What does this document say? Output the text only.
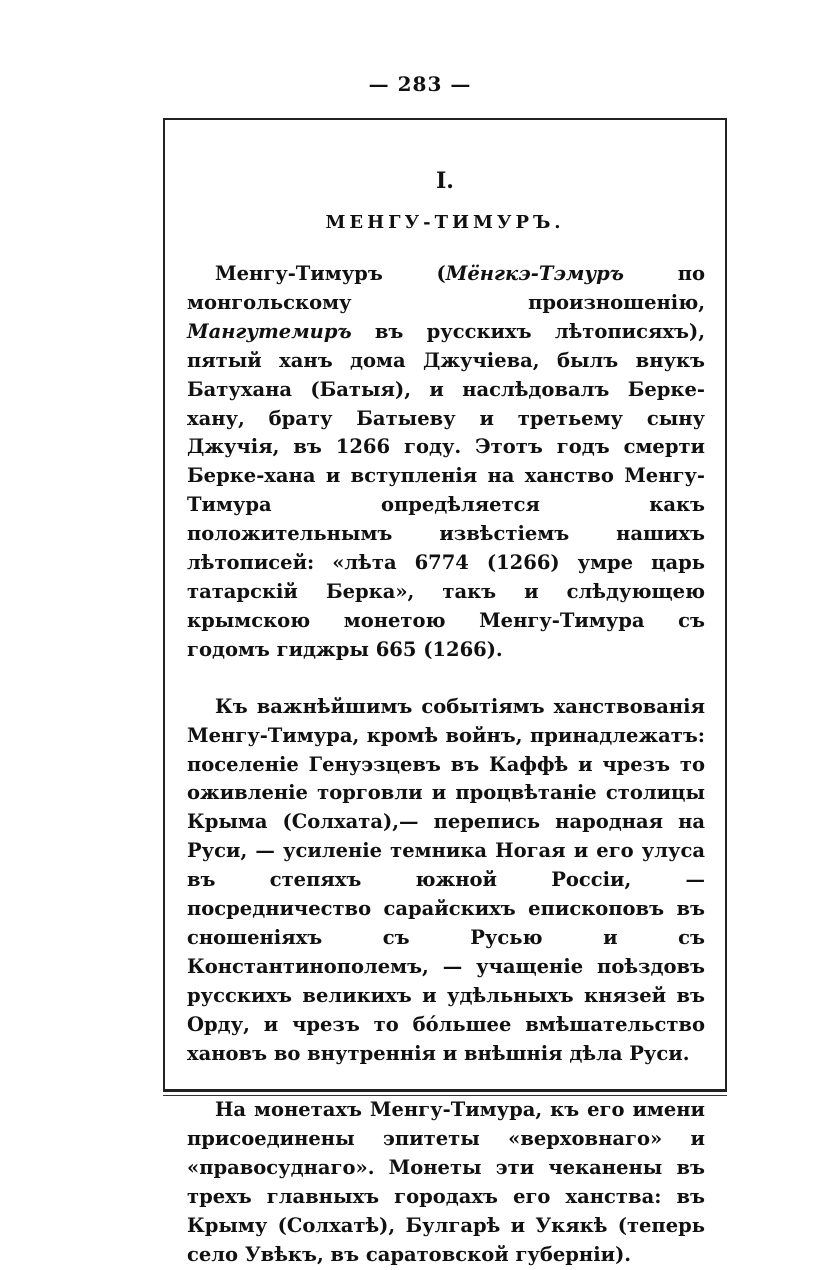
— 283 —
I.
МЕНГУ-ТИМУРЪ.

Менгу-Тимуръ (Мёнгкэ-Тэмуръ по монгольскому произношенію, Мангутемиръ въ русскихъ лѣтописяхъ), пятый ханъ дома Джучіева, былъ внукъ Батуханa (Батыя), и наслѣдовалъ Берке-хану, брату Батыеву и третьему сыну Джучія, въ 1266 году. Этотъ годъ смерти Берке-хана и вступленія на ханство Менгу-Тимура опредѣляется какъ положительнымъ извѣстіемъ нашихъ лѣтописей: «лѣта 6774 (1266) умре царь татарскій Берка», такъ и слѣдующею крымскою монетою Менгу-Тимура съ годомъ гиджры 665 (1266).

Къ важнѣйшимъ событіямъ ханствованія Менгу-Тимура, кромѣ войнъ, принадлежатъ: поселеніе Генуэзцевъ въ Каффѣ и чрезъ то оживленіе торговли и процвѣтаніе столицы Крыма (Солхата),— перепись народная на Руси, — усиленіе темника Ногая и его улуса въ степяхъ южной Россіи, — посредничество сарайскихъ епископовъ въ сношеніяхъ съ Русью и съ Константинополемъ, — учащеніе поѣздовъ русскихъ великихъ и удѣльныхъ князей въ Орду, и чрезъ то бóльшее вмѣшательство хановъ во внутреннія и внѣшнія дѣла Руси.

На монетахъ Менгу-Тимура, къ его имени присоединены эпитеты «верховнаго» и «правосуднаго». Монеты эти чеканены въ трехъ главныхъ городахъ его ханства: въ Крыму (Солхатѣ), Булгарѣ и Укякѣ (теперь село Увѣкъ, въ саратовской губерніи).
